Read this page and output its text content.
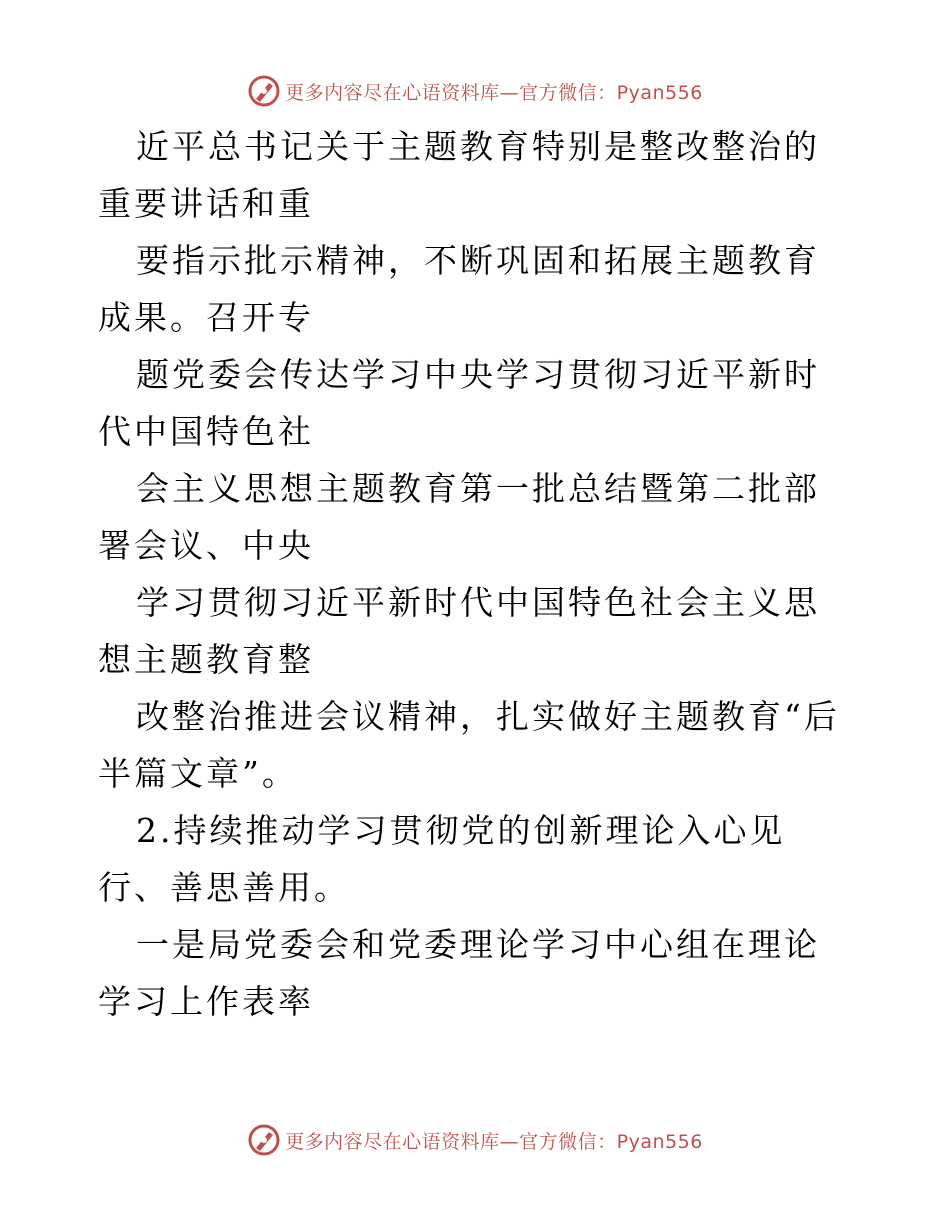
更多内容尽在心语资料库—官方微信：Pyan556

近平总书记关于主题教育特别是整改整治的重要讲话和重

要指示批示精神，不断巩固和拓展主题教育成果。召开专

题党委会传达学习中央学习贯彻习近平新时代中国特色社

会主义思想主题教育第一批总结暨第二批部署会议、中央

学习贯彻习近平新时代中国特色社会主义思想主题教育整

改整治推进会议精神，扎实做好主题教育“后半篇文章”。

2.持续推动学习贯彻党的创新理论入心见行、善思善用。

一是局党委会和党委理论学习中心组在理论学习上作表率

更多内容尽在心语资料库—官方微信：Pyan556
